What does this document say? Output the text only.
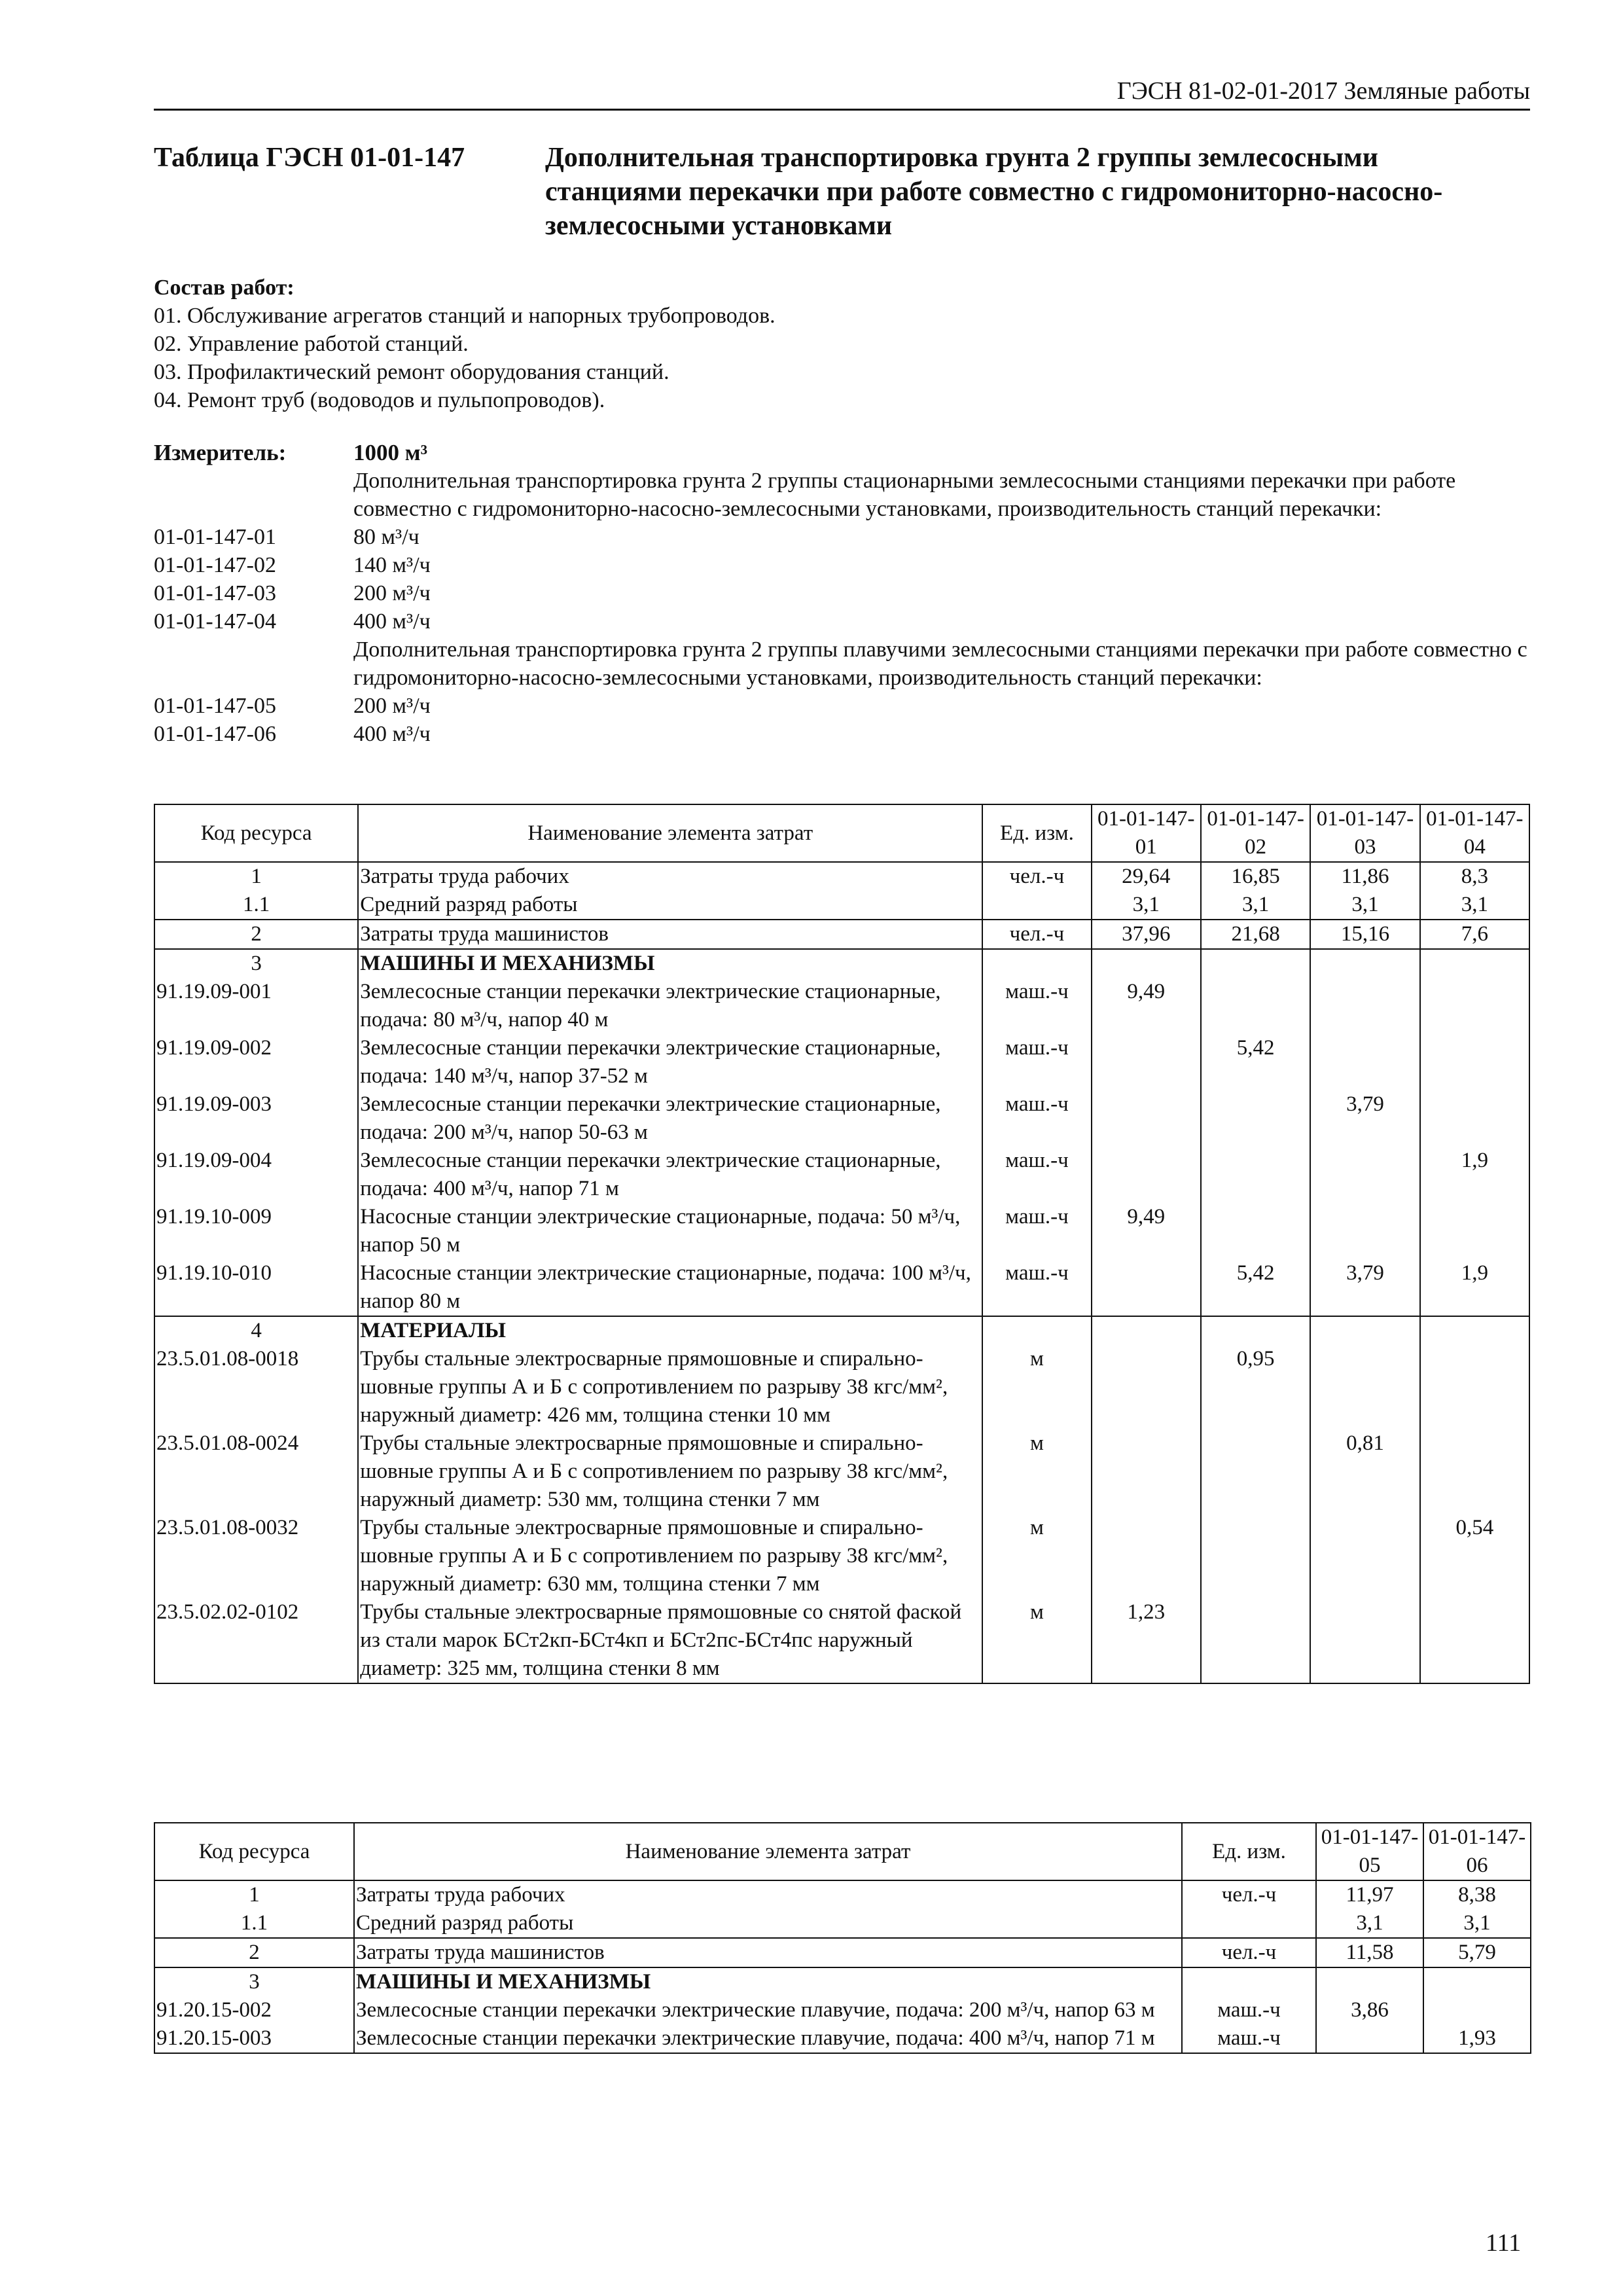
ГЭСН 81-02-01-2017 Земляные работы
Таблица ГЭСН 01-01-147	Дополнительная транспортировка грунта 2 группы землесосными станциями перекачки при работе совместно с гидромониторно-насосно-землесосными установками
Состав работ:
01. Обслуживание агрегатов станций и напорных трубопроводов.
02. Управление работой станций.
03. Профилактический ремонт оборудования станций.
04. Ремонт труб (водоводов и пульпопроводов).
Измеритель:	1000 м³
Дополнительная транспортировка грунта 2 группы стационарными землесосными станциями перекачки при работе совместно с гидромониторно-насосно-землесосными установками, производительность станций перекачки:
01-01-147-01	80 м³/ч
01-01-147-02	140 м³/ч
01-01-147-03	200 м³/ч
01-01-147-04	400 м³/ч
Дополнительная транспортировка грунта 2 группы плавучими землесосными станциями перекачки при работе совместно с гидромониторно-насосно-землесосными установками, производительность станций перекачки:
01-01-147-05	200 м³/ч
01-01-147-06	400 м³/ч
Код ресурса	Наименование элемента затрат	Ед. изм.	01-01-147-01	01-01-147-02	01-01-147-03	01-01-147-04
1	Затраты труда рабочих	чел.-ч	29,64	16,85	11,86	8,3
1.1	Средний разряд работы		3,1	3,1	3,1	3,1
2	Затраты труда машинистов	чел.-ч	37,96	21,68	15,16	7,6
3	МАШИНЫ И МЕХАНИЗМЫ					
91.19.09-001	Землесосные станции перекачки электрические стационарные, подача: 80 м³/ч, напор 40 м	маш.-ч	9,49			
91.19.09-002	Землесосные станции перекачки электрические стационарные, подача: 140 м³/ч, напор 37-52 м	маш.-ч		5,42		
91.19.09-003	Землесосные станции перекачки электрические стационарные, подача: 200 м³/ч, напор 50-63 м	маш.-ч			3,79	
91.19.09-004	Землесосные станции перекачки электрические стационарные, подача: 400 м³/ч, напор 71 м	маш.-ч				1,9
91.19.10-009	Насосные станции электрические стационарные, подача: 50 м³/ч, напор 50 м	маш.-ч	9,49			
91.19.10-010	Насосные станции электрические стационарные, подача: 100 м³/ч, напор 80 м	маш.-ч		5,42	3,79	1,9
4	МАТЕРИАЛЫ					
23.5.01.08-0018	Трубы стальные электросварные прямошовные и спирально-шовные группы А и Б с сопротивлением по разрыву 38 кгс/мм², наружный диаметр: 426 мм, толщина стенки 10 мм	м		0,95		
23.5.01.08-0024	Трубы стальные электросварные прямошовные и спирально-шовные группы А и Б с сопротивлением по разрыву 38 кгс/мм², наружный диаметр: 530 мм, толщина стенки 7 мм	м			0,81	
23.5.01.08-0032	Трубы стальные электросварные прямошовные и спирально-шовные группы А и Б с сопротивлением по разрыву 38 кгс/мм², наружный диаметр: 630 мм, толщина стенки 7 мм	м				0,54
23.5.02.02-0102	Трубы стальные электросварные прямошовные со снятой фаской из стали марок БСт2кп-БСт4кп и БСт2пс-БСт4пс наружный диаметр: 325 мм, толщина стенки 8 мм	м	1,23			
Код ресурса	Наименование элемента затрат	Ед. изм.	01-01-147-05	01-01-147-06
1	Затраты труда рабочих	чел.-ч	11,97	8,38
1.1	Средний разряд работы		3,1	3,1
2	Затраты труда машинистов	чел.-ч	11,58	5,79
3	МАШИНЫ И МЕХАНИЗМЫ			
91.20.15-002	Землесосные станции перекачки электрические плавучие, подача: 200 м³/ч, напор 63 м	маш.-ч	3,86	
91.20.15-003	Землесосные станции перекачки электрические плавучие, подача: 400 м³/ч, напор 71 м	маш.-ч		1,93
111
